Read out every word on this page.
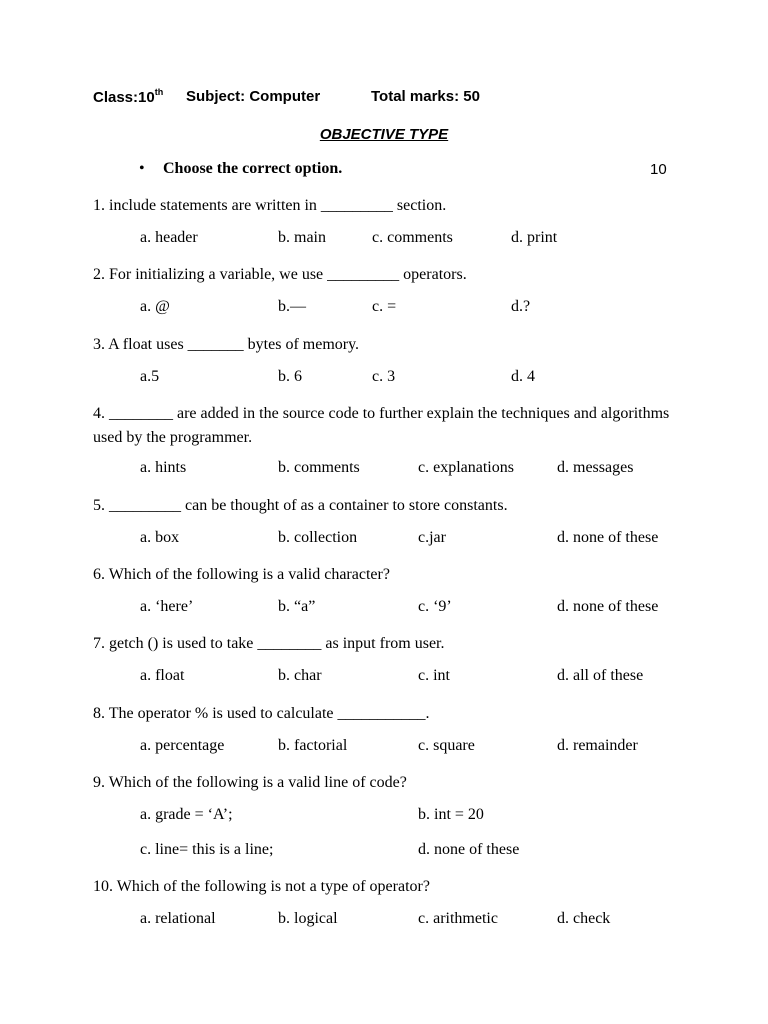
Class:10th Subject: Computer	Total marks: 50
OBJECTIVE TYPE
• Choose the correct option.	10
1. include statements are written in _________ section.
a. header	b. main	c. comments	d. print
2. For initializing a variable, we use _________ operators.
a. @	b.—	c. =	d.?
3. A float uses _______ bytes of memory.
a.5	b. 6	c. 3	d. 4
4. ________ are added in the source code to further explain the techniques and algorithms used by the programmer.
a. hints	b. comments	c. explanations	d. messages
5. _________ can be thought of as a container to store constants.
a. box	b. collection	c.jar	d. none of these
6. Which of the following is a valid character?
a. ‘here’	b. “a”	c. ‘9’	d. none of these
7. getch () is used to take ________ as input from user.
a. float	b. char	c. int	d. all of these
8. The operator % is used to calculate ___________.
a. percentage	b. factorial	c. square	d. remainder
9. Which of the following is a valid line of code?
a. grade = ‘A’;	b. int = 20
c. line= this is a line;	d. none of these
10. Which of the following is not a type of operator?
a. relational	b. logical	c. arithmetic	d. check
